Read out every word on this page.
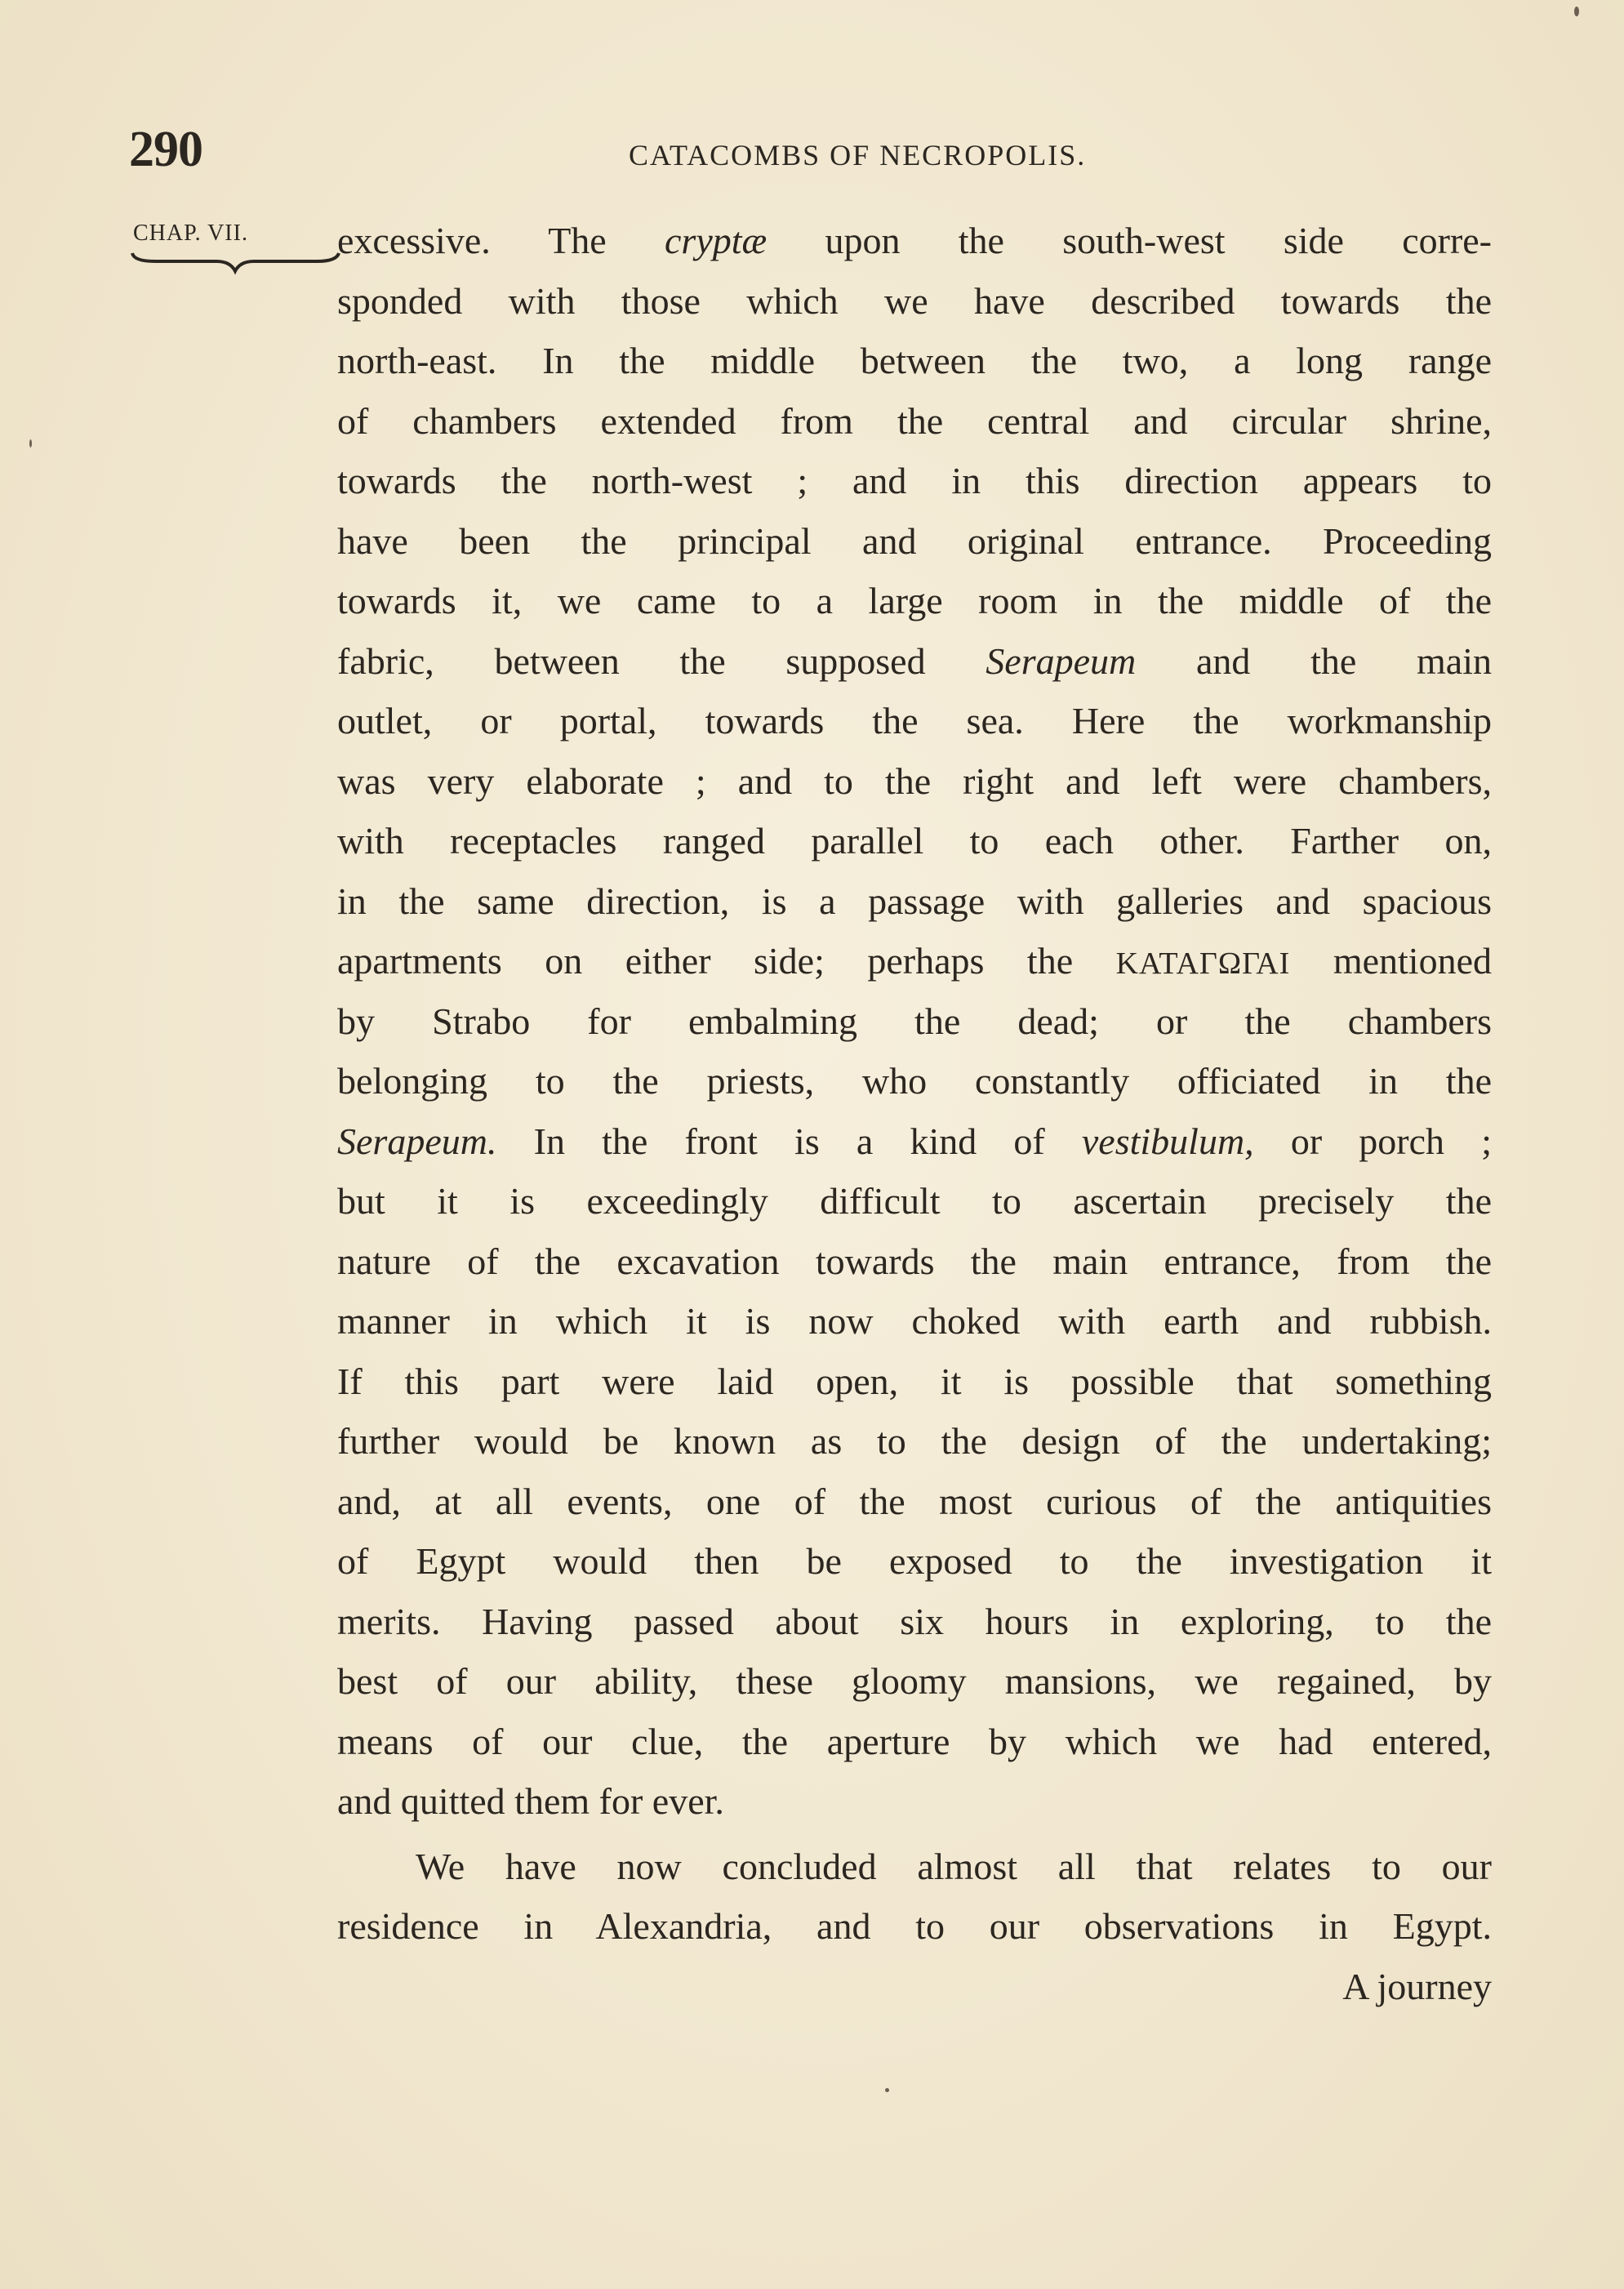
290	CATACOMBS OF NECROPOLIS.
CHAP. VII. excessive. The cryptæ upon the south-west side corre-
sponded with those which we have described towards the
north-east. In the middle between the two, a long range
of chambers extended from the central and circular shrine,
towards the north-west ; and in this direction appears to
have been the principal and original entrance. Proceeding
towards it, we came to a large room in the middle of the
fabric, between the supposed Serapeum and the main
outlet, or portal, towards the sea. Here the workmanship
was very elaborate ; and to the right and left were chambers,
with receptacles ranged parallel to each other. Farther on,
in the same direction, is a passage with galleries and spacious
apartments on either side; perhaps the ΚΑΤΑΓΩΓΑΙ mentioned
by Strabo for embalming the dead; or the chambers
belonging to the priests, who constantly officiated in the
Serapeum. In the front is a kind of vestibulum, or porch ;
but it is exceedingly difficult to ascertain precisely the
nature of the excavation towards the main entrance, from the
manner in which it is now choked with earth and rubbish.
If this part were laid open, it is possible that something
further would be known as to the design of the undertaking;
and, at all events, one of the most curious of the antiquities
of Egypt would then be exposed to the investigation it
merits. Having passed about six hours in exploring, to the
best of our ability, these gloomy mansions, we regained, by
means of our clue, the aperture by which we had entered,
and quitted them for ever.
We have now concluded almost all that relates to our
residence in Alexandria, and to our observations in Egypt.
A journey
